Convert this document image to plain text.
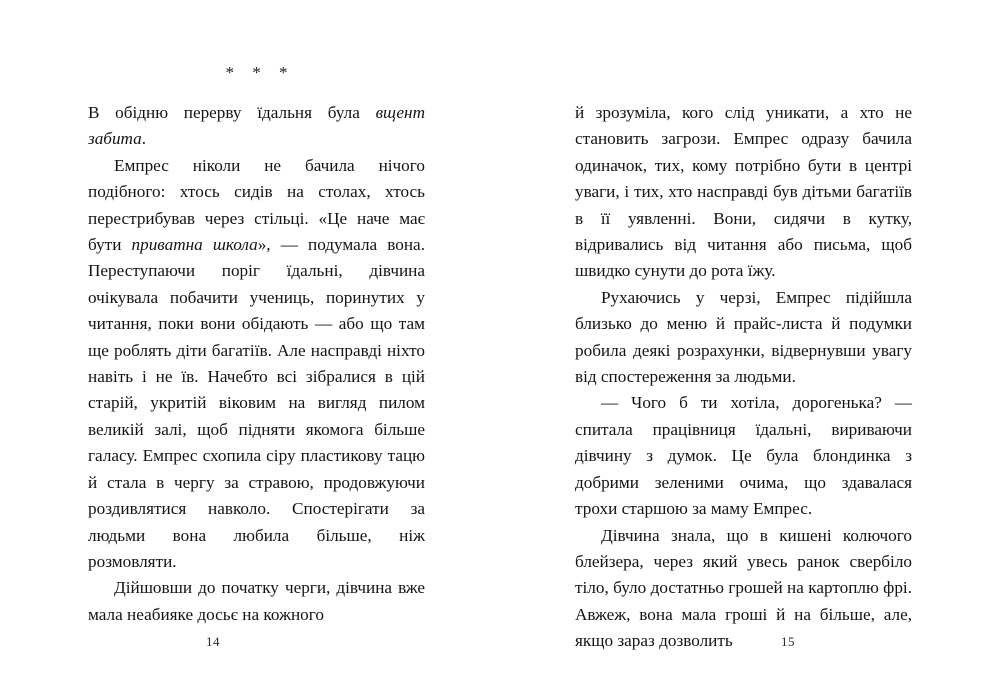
* * *

В обідню перерву їдальня була вщент забита.

Емпрес ніколи не бачила нічого подібного: хтось сидів на столах, хтось перестрибував через стільці. «Це наче має бути приватна школа», — подумала вона. Переступаючи поріг їдальні, дівчина очікувала побачити учениць, поринутих у читання, поки вони обідають — або що там ще роблять діти багатіїв. Але насправді ніхто навіть і не їв. Начебто всі зібралися в цій старій, укритій віковим на вигляд пилом великій залі, щоб підняти якомога більше галасу. Емпрес схопила сіру пластикову тацю й стала в чергу за стравою, продовжуючи роздивлятися навколо. Спостерігати за людьми вона любила більше, ніж розмовляти.

Дійшовши до початку черги, дівчина вже мала неабияке досьє на кожного

14

й зрозуміла, кого слід уникати, а хто не становить загрози. Емпрес одразу бачила одиначок, тих, кому потрібно бути в центрі уваги, і тих, хто насправді був дітьми багатіїв в її уявленні. Вони, сидячи в кутку, відривались від читання або письма, щоб швидко сунути до рота їжу.

Рухаючись у черзі, Емпрес підійшла близько до меню й прайс-листа й подумки робила деякі розрахунки, відвернувши увагу від спостереження за людьми.

— Чого б ти хотіла, дорогенька? — спитала працівниця їдальні, вириваючи дівчину з думок. Це була блондинка з добрими зеленими очима, що здавалася трохи старшою за маму Емпрес.

Дівчина знала, що в кишені колючого блейзера, через який увесь ранок свербіло тіло, було достатньо грошей на картоплю фрі. Авжеж, вона мала гроші й на більше, але, якщо зараз дозволить	15
